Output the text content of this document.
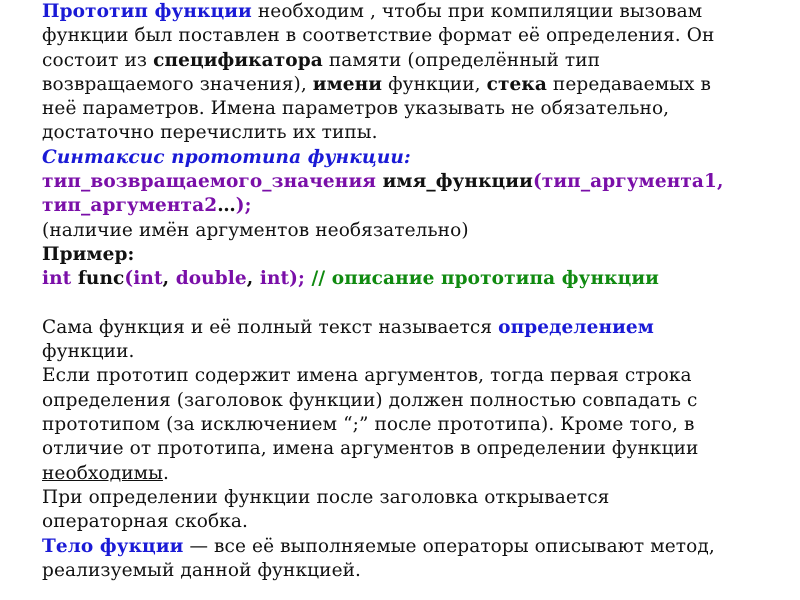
Прототип функции необходим , чтобы при компиляции вызовам
функции был поставлен в соответствие формат её определения. Он
состоит из спецификатора памяти (определённый тип
возвращаемого значения), имени функции, стека передаваемых в
неё параметров. Имена параметров указывать не обязательно,
достаточно перечислить их типы.
Синтаксис прототипа функции:
тип_возвращаемого_значения имя_функции(тип_аргумента1,
тип_аргумента2…);
(наличие имён аргументов необязательно)
Пример:
int func(int, double, int); // описание прототипа функции
Сама функция и её полный текст называется определением
функции.
Если прототип содержит имена аргументов, тогда первая строка
определения (заголовок функции) должен полностью совпадать с
прототипом (за исключением “;” после прототипа). Кроме того, в
отличие от прототипа, имена аргументов в определении функции
необходимы.
При определении функции после заголовка открывается
операторная скобка.
Тело фукции — все её выполняемые операторы описывают метод,
реализуемый данной функцией.
